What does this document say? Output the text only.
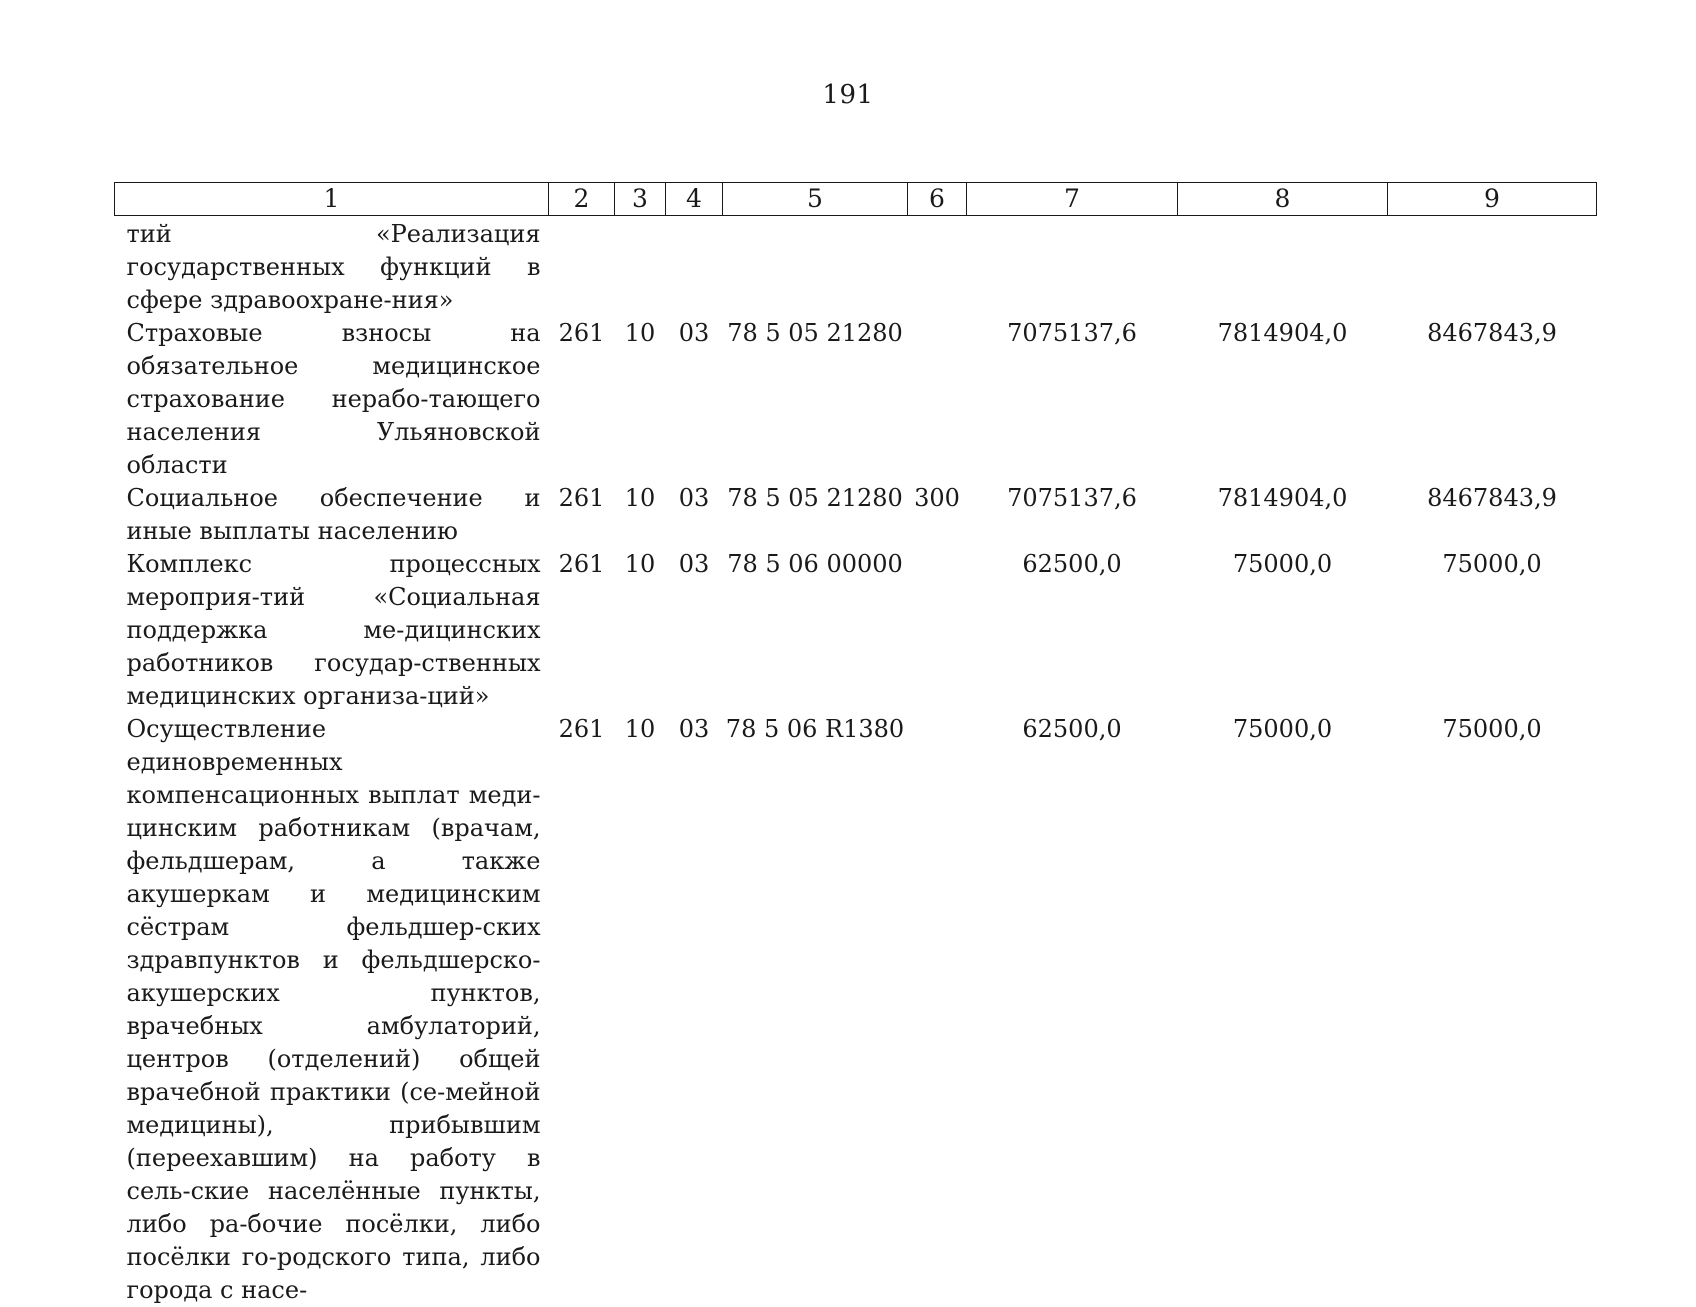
191
1	2	3	4	5	6	7	8	9
тий «Реализация государственных функций в сфере здравоохране-ния»								
Страховые взносы на обязательное медицинское страхование нерабо-тающего населения Ульяновской области	261	10	03	78 5 05 21280		7075137,6	7814904,0	8467843,9
Социальное обеспечение и иные выплаты населению	261	10	03	78 5 05 21280	300	7075137,6	7814904,0	8467843,9
Комплекс процессных мероприя-тий «Социальная поддержка ме-дицинских работников государ-ственных медицинских организа-ций»	261	10	03	78 5 06 00000		62500,0	75000,0	75000,0
Осуществление единовременных компенсационных выплат меди-цинским работникам (врачам, фельдшерам, а также акушеркам и медицинским сёстрам фельдшер-ских здравпунктов и фельдшерско-акушерских пунктов, врачебных амбулаторий, центров (отделений) общей врачебной практики (се-мейной медицины), прибывшим (переехавшим) на работу в сель-ские населённые пункты, либо ра-бочие посёлки, либо посёлки го-родского типа, либо города с насе-	261	10	03	78 5 06 R1380		62500,0	75000,0	75000,0
